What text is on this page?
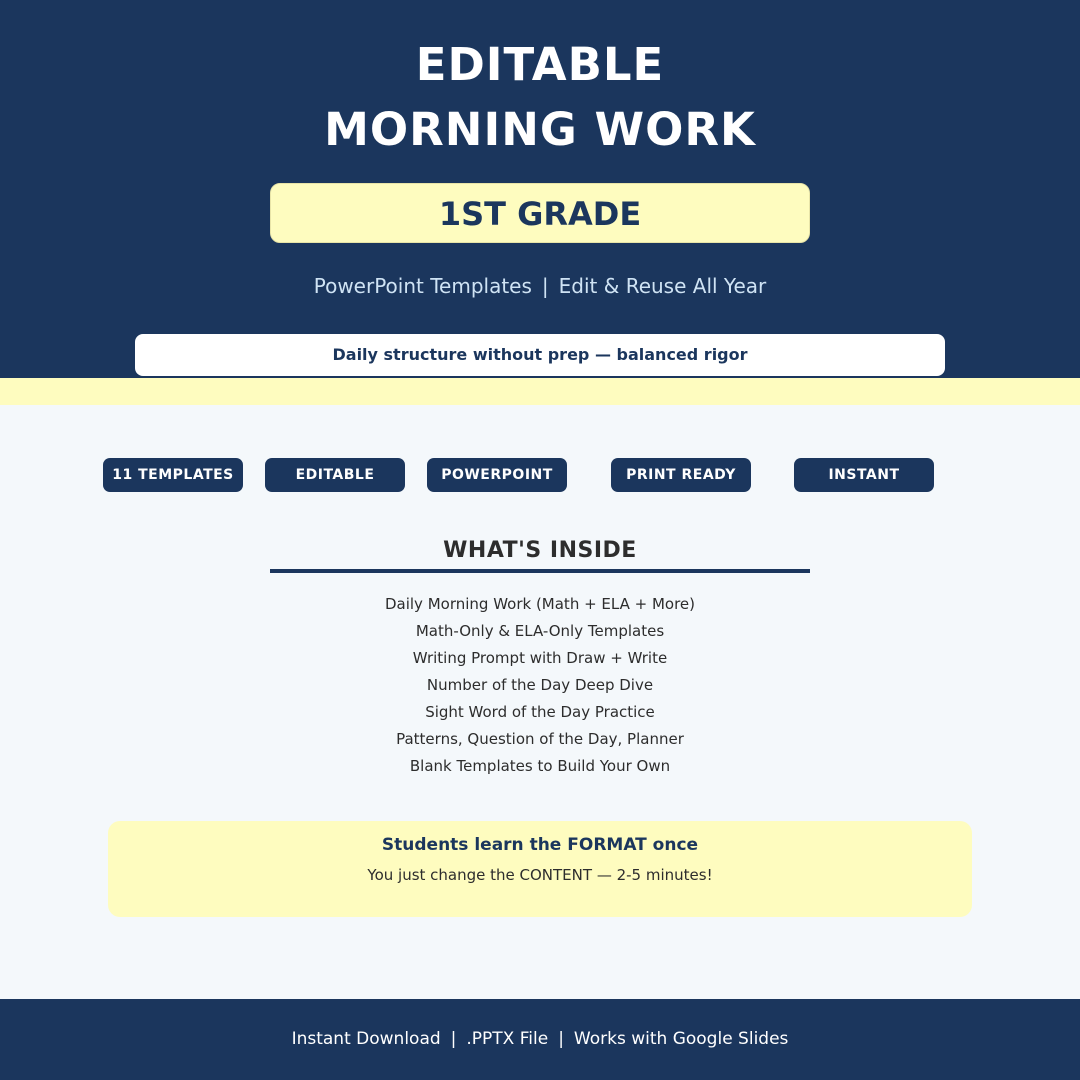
EDITABLE
MORNING WORK
1ST GRADE
PowerPoint Templates | Edit & Reuse All Year
Daily structure without prep — balanced rigor
11 TEMPLATES	EDITABLE	POWERPOINT	PRINT READY	INSTANT
WHAT'S INSIDE
Daily Morning Work (Math + ELA + More)
Math-Only & ELA-Only Templates
Writing Prompt with Draw + Write
Number of the Day Deep Dive
Sight Word of the Day Practice
Patterns, Question of the Day, Planner
Blank Templates to Build Your Own
Students learn the FORMAT once
You just change the CONTENT — 2-5 minutes!
Instant Download | .PPTX File | Works with Google Slides
